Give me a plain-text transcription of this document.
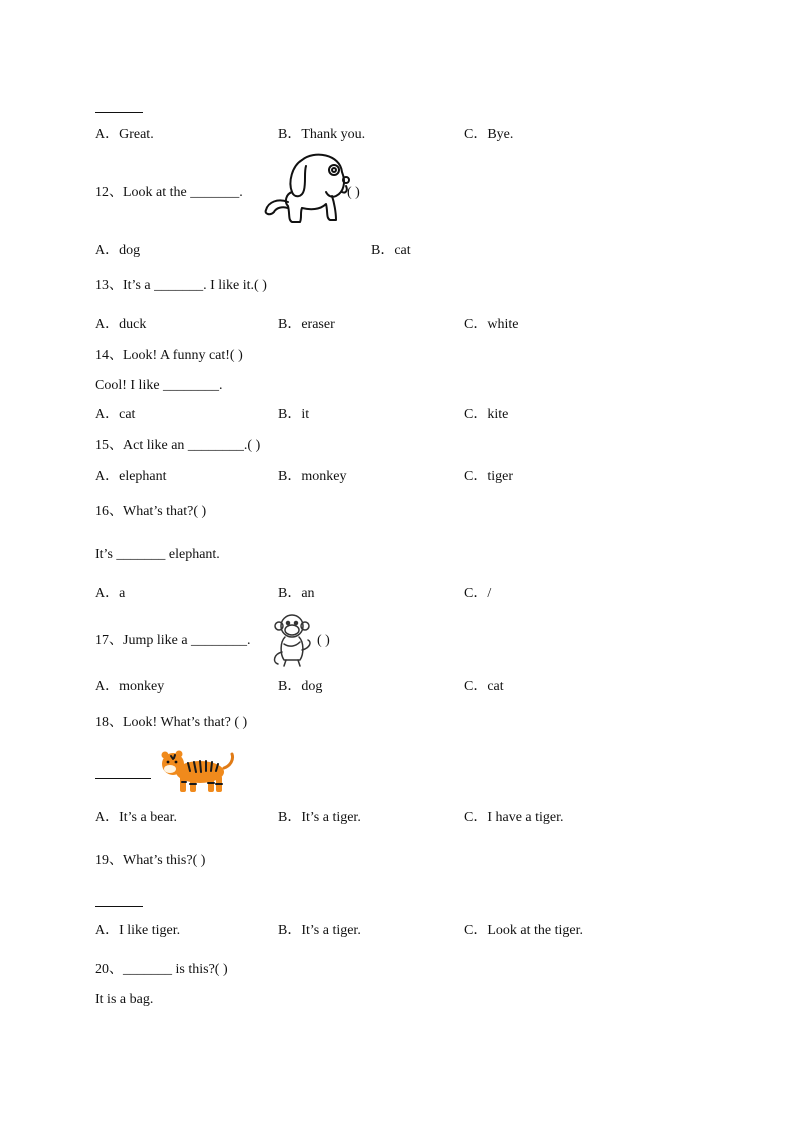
A．Great.	B．Thank you.	C．Bye.
12、Look at the _______.	( )
A．dog	B．cat
13、It’s a _______. I like it.( )
A．duck	B．eraser	C．white
14、Look! A funny cat!( )
Cool! I like ________.
A．cat	B．it	C．kite
15、Act like an ________.( )
A．elephant	B．monkey	C．tiger
16、What’s that?( )
It’s _______ elephant.
A．a	B．an	C．/
17、Jump like a ________.	( )
A．monkey	B．dog	C．cat
18、Look! What’s that? ( )
A．It’s a bear.	B．It’s a tiger.	C．I have a tiger.
19、What’s this?( )
A．I like tiger.	B．It’s a tiger.	C．Look at the tiger.
20、_______ is this?( )
It is a bag.
